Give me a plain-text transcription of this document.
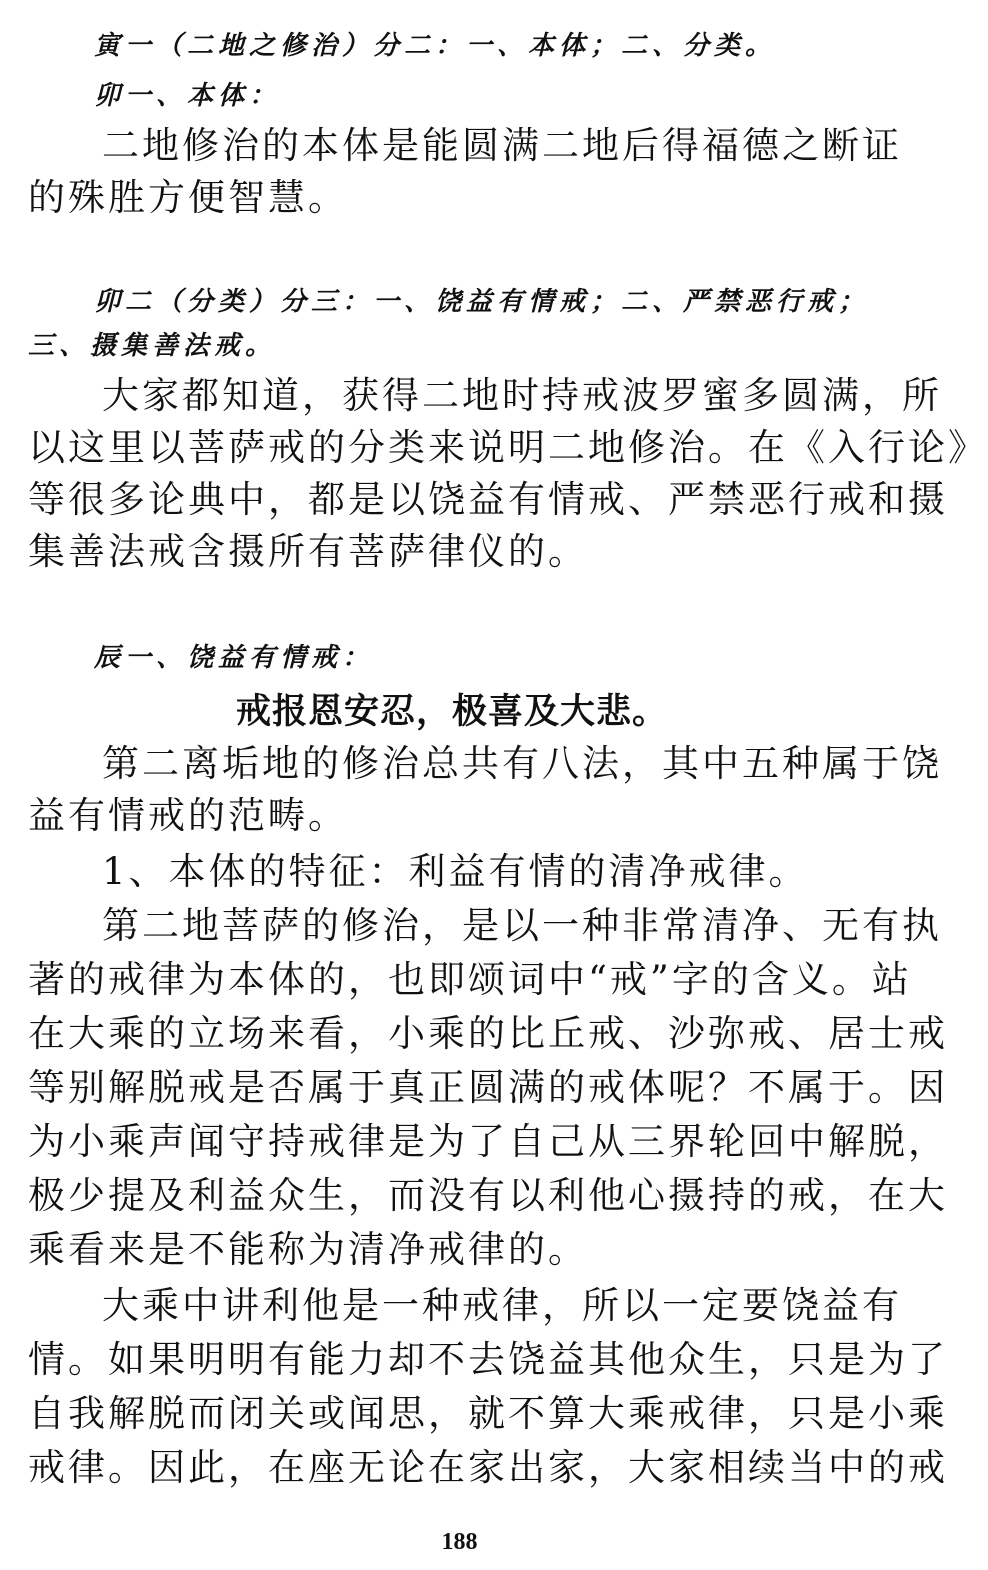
寅一（二地之修治）分二：一、本体；二、分类。

卯一、本体：

二地修治的本体是能圆满二地后得福德之断证

的殊胜方便智慧。

卯二（分类）分三：一、饶益有情戒；二、严禁恶行戒；

三、摄集善法戒。

大家都知道，获得二地时持戒波罗蜜多圆满，所

以这里以菩萨戒的分类来说明二地修治。在《入行论》

等很多论典中，都是以饶益有情戒、严禁恶行戒和摄

集善法戒含摄所有菩萨律仪的。

辰一、饶益有情戒：

戒报恩安忍，极喜及大悲。

第二离垢地的修治总共有八法，其中五种属于饶

益有情戒的范畴。

1、本体的特征：利益有情的清净戒律。

第二地菩萨的修治，是以一种非常清净、无有执

著的戒律为本体的，也即颂词中“戒”字的含义。站

在大乘的立场来看，小乘的比丘戒、沙弥戒、居士戒

等别解脱戒是否属于真正圆满的戒体呢？不属于。因

为小乘声闻守持戒律是为了自己从三界轮回中解脱，

极少提及利益众生，而没有以利他心摄持的戒，在大

乘看来是不能称为清净戒律的。

大乘中讲利他是一种戒律，所以一定要饶益有

情。如果明明有能力却不去饶益其他众生，只是为了

自我解脱而闭关或闻思，就不算大乘戒律，只是小乘

戒律。因此，在座无论在家出家，大家相续当中的戒

188
